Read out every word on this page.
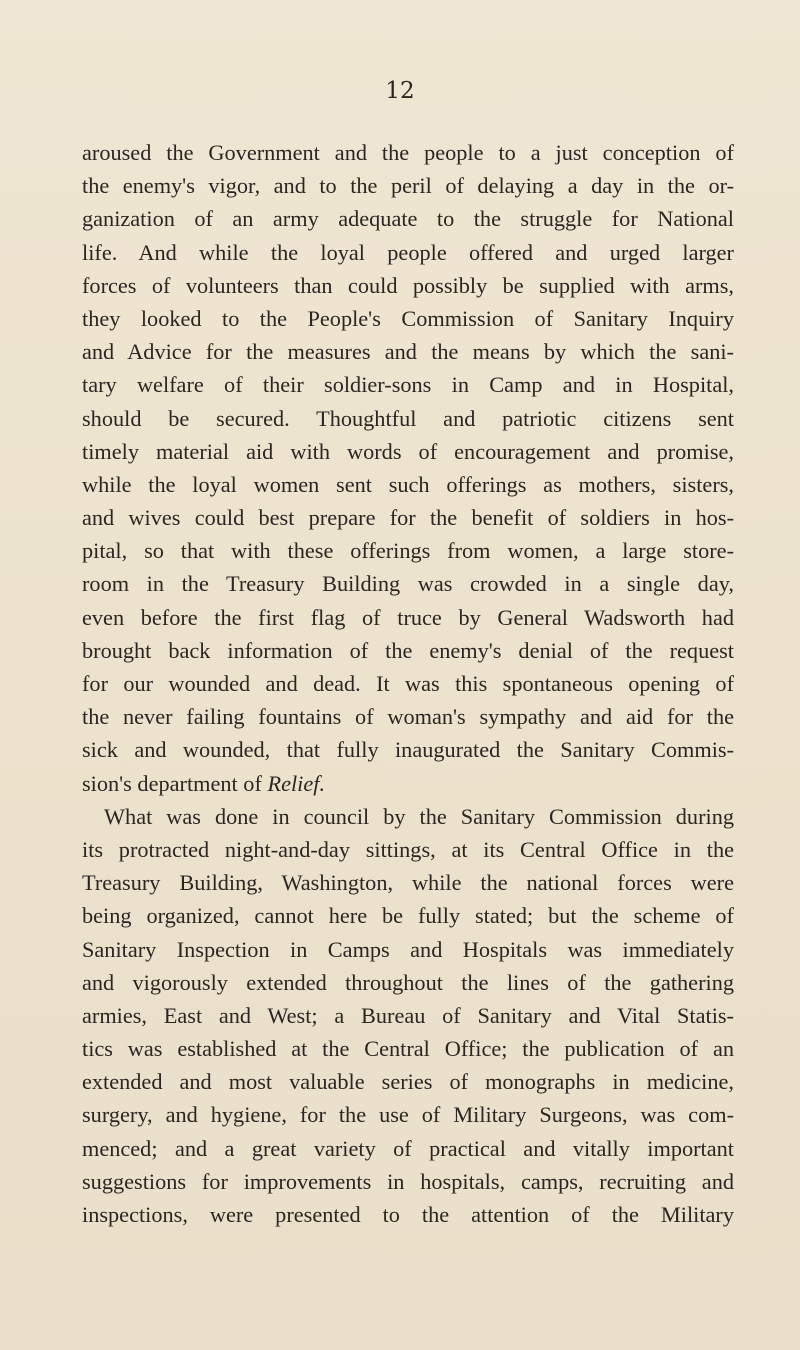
12
aroused the Government and the people to a just conception of
the enemy's vigor, and to the peril of delaying a day in the or-
ganization of an army adequate to the struggle for National
life. And while the loyal people offered and urged larger
forces of volunteers than could possibly be supplied with arms,
they looked to the People's Commission of Sanitary Inquiry
and Advice for the measures and the means by which the sani-
tary welfare of their soldier-sons in Camp and in Hospital,
should be secured. Thoughtful and patriotic citizens sent
timely material aid with words of encouragement and promise,
while the loyal women sent such offerings as mothers, sisters,
and wives could best prepare for the benefit of soldiers in hos-
pital, so that with these offerings from women, a large store-
room in the Treasury Building was crowded in a single day,
even before the first flag of truce by General Wadsworth had
brought back information of the enemy's denial of the request
for our wounded and dead. It was this spontaneous opening of
the never failing fountains of woman's sympathy and aid for the
sick and wounded, that fully inaugurated the Sanitary Commis-
sion's department of Relief.
What was done in council by the Sanitary Commission during
its protracted night-and-day sittings, at its Central Office in the
Treasury Building, Washington, while the national forces were
being organized, cannot here be fully stated; but the scheme of
Sanitary Inspection in Camps and Hospitals was immediately
and vigorously extended throughout the lines of the gathering
armies, East and West; a Bureau of Sanitary and Vital Statis-
tics was established at the Central Office; the publication of an
extended and most valuable series of monographs in medicine,
surgery, and hygiene, for the use of Military Surgeons, was com-
menced; and a great variety of practical and vitally important
suggestions for improvements in hospitals, camps, recruiting and
inspections, were presented to the attention of the Military
